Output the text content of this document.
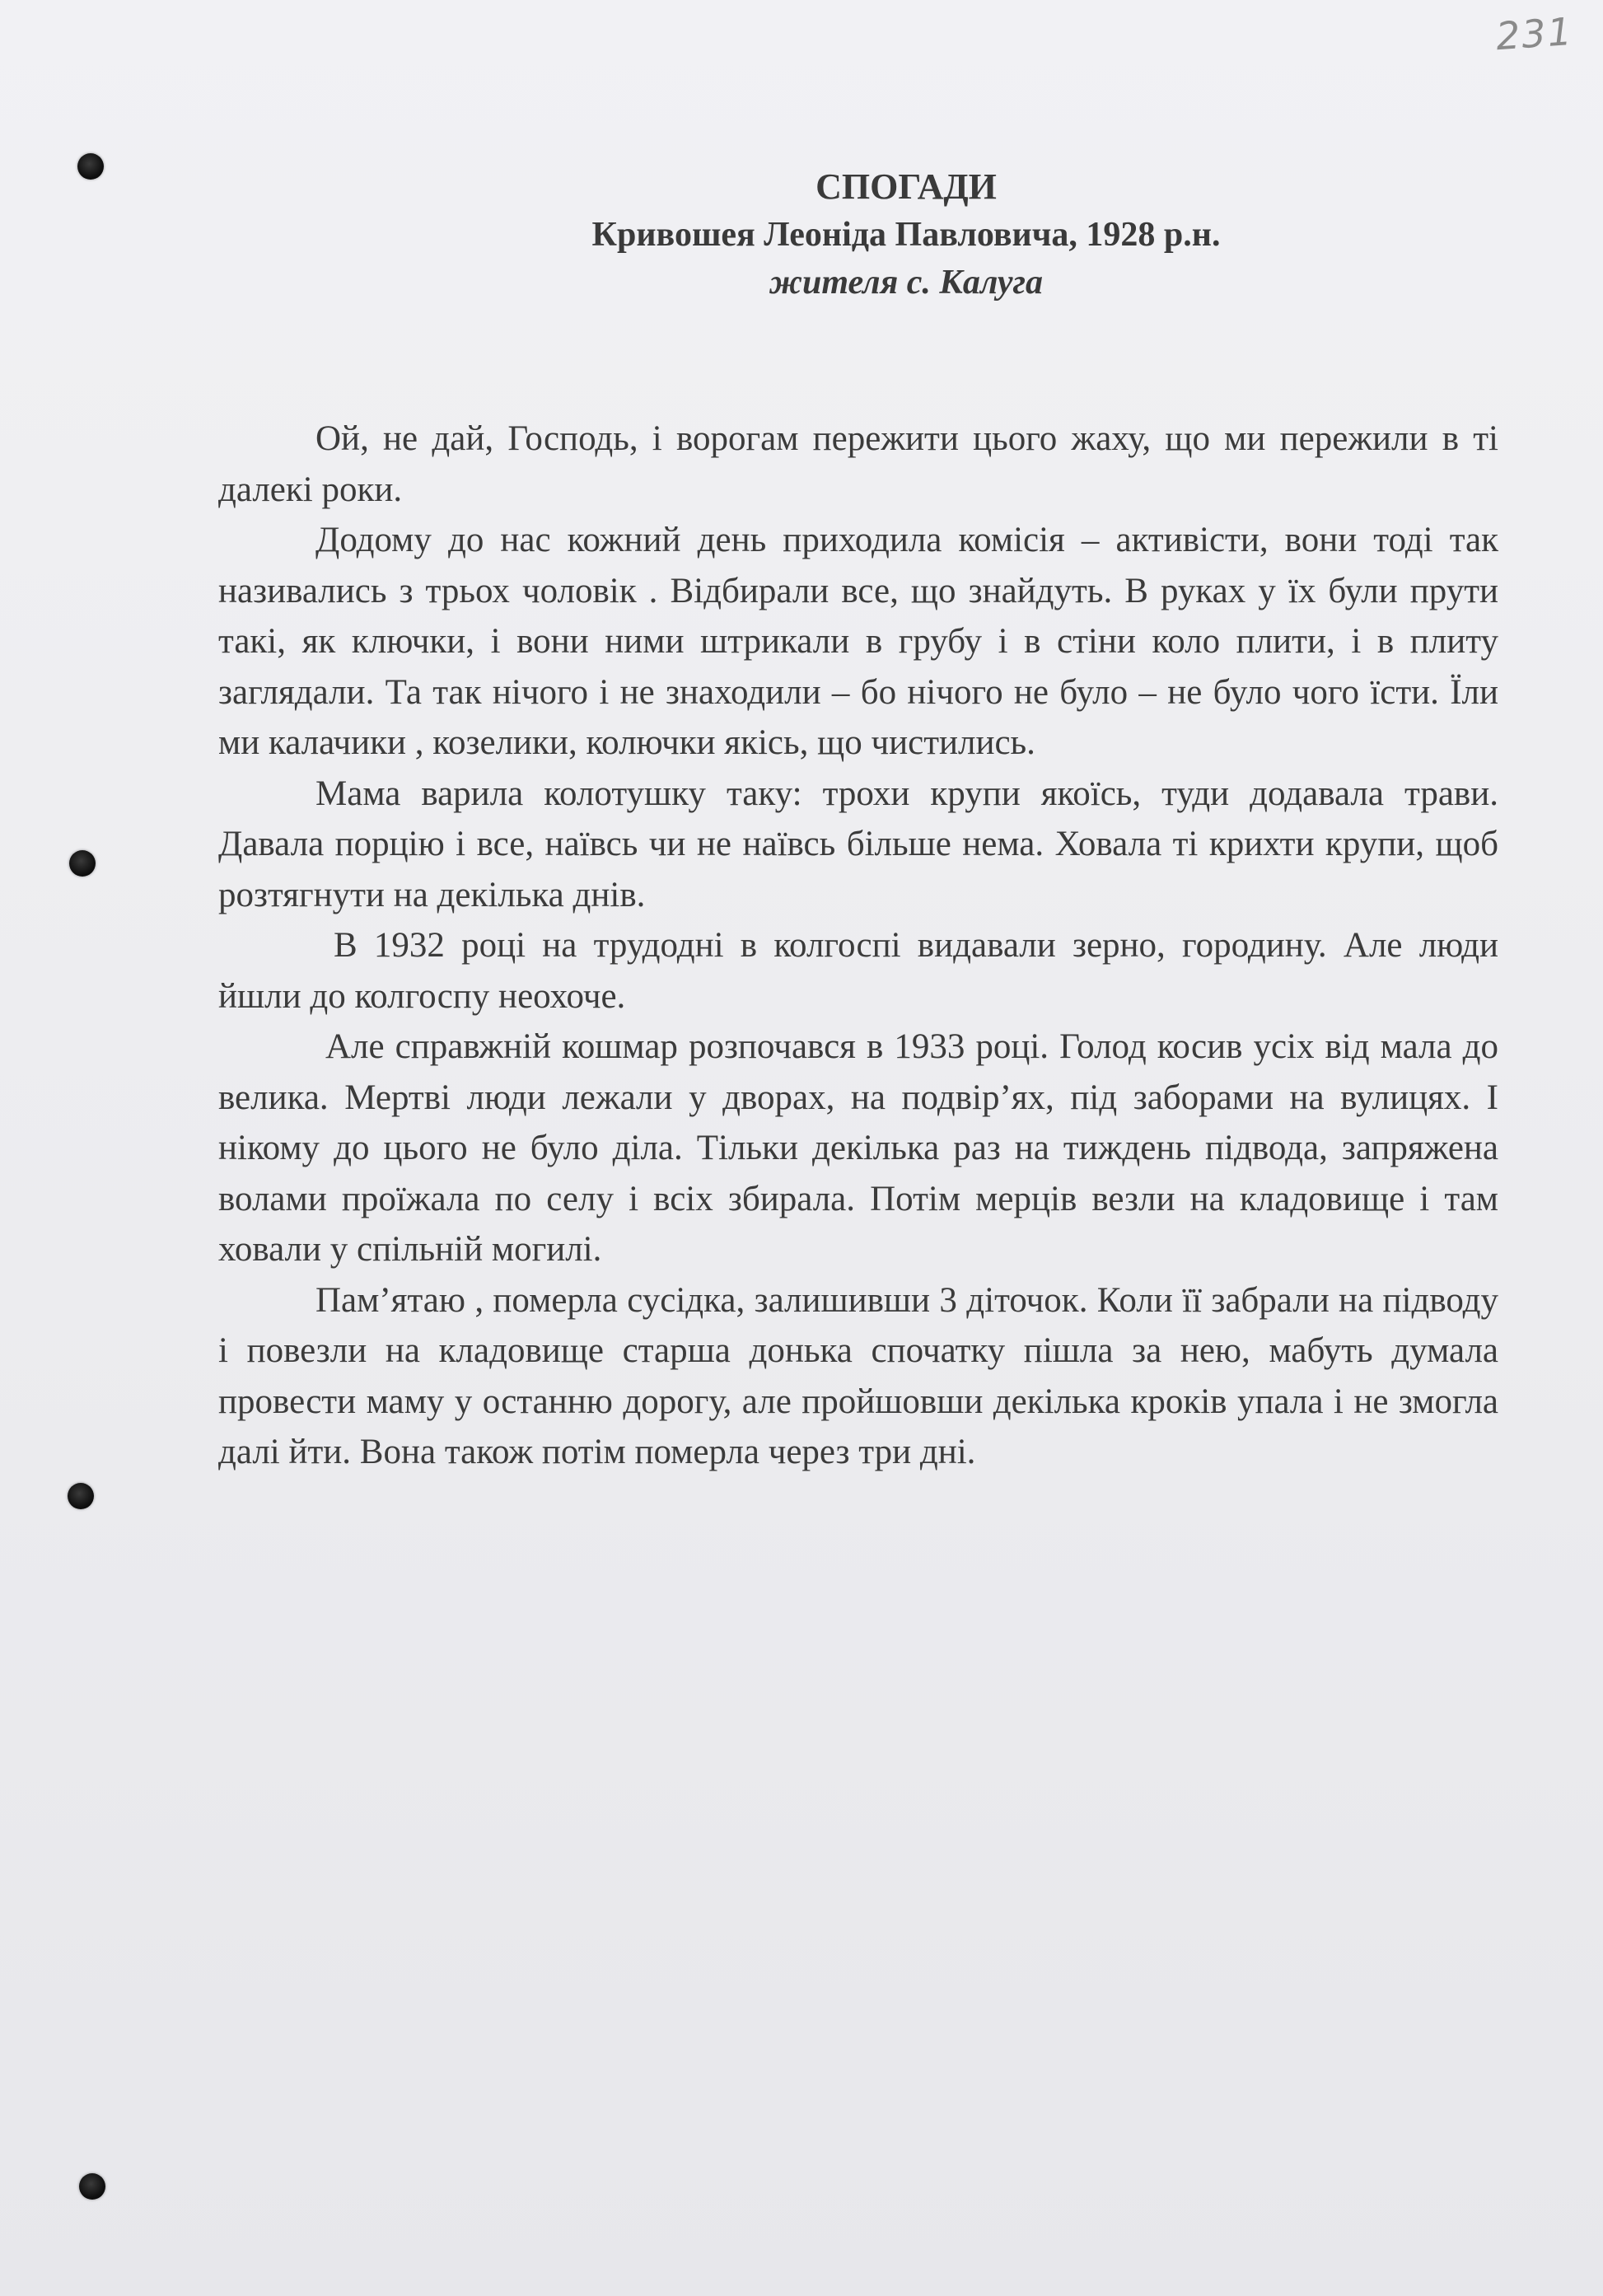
231
СПОГАДИ
Кривошея Леоніда Павловича, 1928 р.н.
жителя с. Калуга

Ой, не дай, Господь, і ворогам пережити цього жаху, що ми пережили в ті далекі роки.

Додому до нас кожний день приходила комісія – активісти, вони тоді так називались з трьох чоловік . Відбирали все, що знайдуть. В руках у їх були прути такі, як ключки, і вони ними штрикали в грубу і в стіни коло плити, і в плиту заглядали. Та так нічого і не знаходили – бо нічого не було – не було чого їсти. Їли ми калачики , козелики, колючки якісь, що чистились.

Мама варила колотушку таку: трохи крупи якоїсь, туди додавала трави. Давала порцію і все, наївсь чи не наївсь більше нема. Ховала ті крихти крупи, щоб розтягнути на декілька днів.

В 1932 році на трудодні в колгоспі видавали зерно, городину. Але люди йшли до колгоспу неохоче.

Але справжній кошмар розпочався в 1933 році. Голод косив усіх від мала до велика. Мертві люди лежали у дворах, на подвір’ях, під заборами на вулицях. І нікому до цього не було діла. Тільки декілька раз на тиждень підвода, запряжена волами проїжала по селу і всіх збирала. Потім мерців везли на кладовище і там ховали у спільній могилі.

Пам’ятаю , померла сусідка, залишивши 3 діточок. Коли її забрали на підводу і повезли на кладовище старша донька спочатку пішла за нею, мабуть думала провести маму у останню дорогу, але пройшовши декілька кроків упала і не змогла далі йти. Вона також потім померла через три дні.
